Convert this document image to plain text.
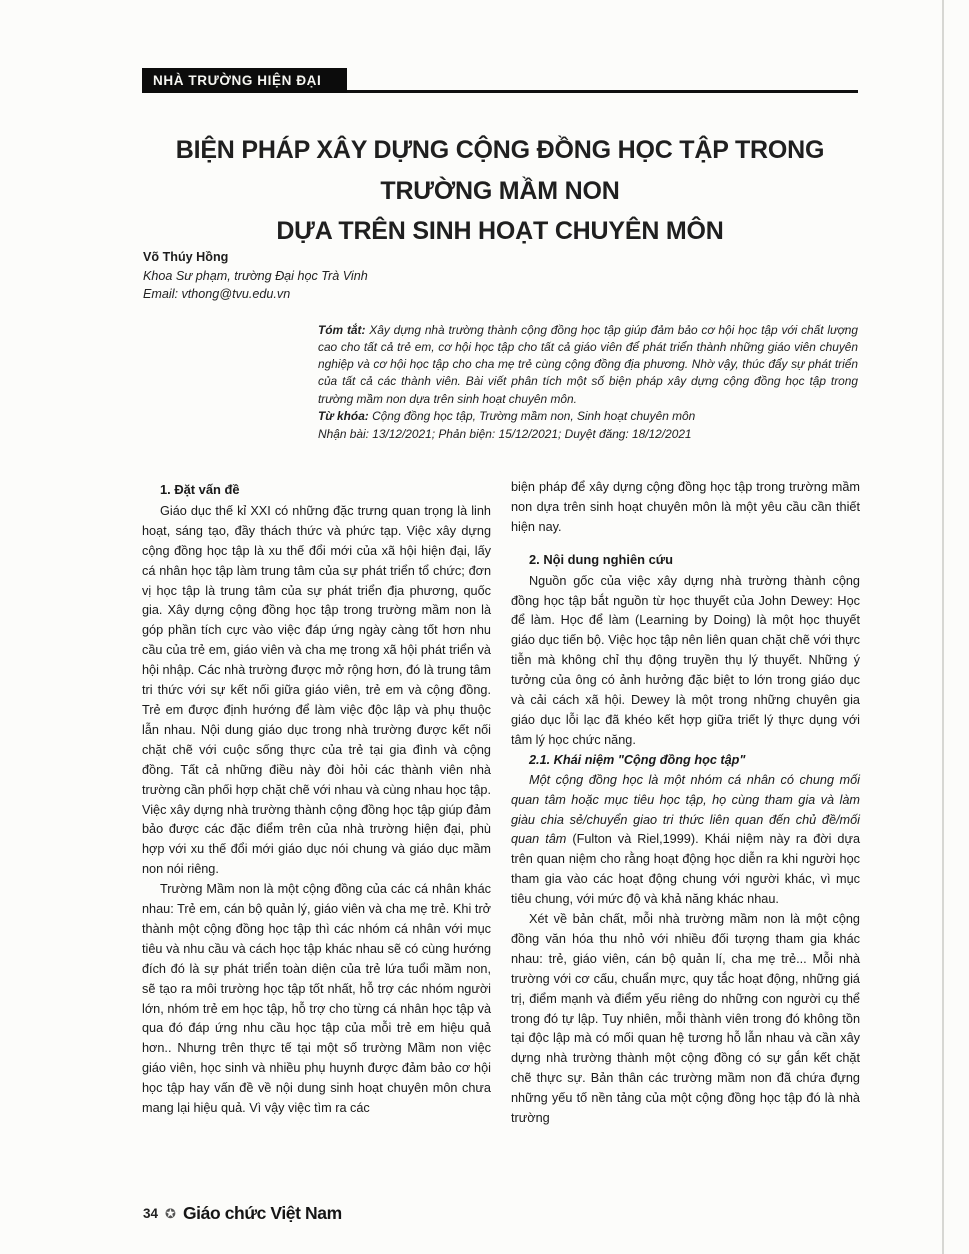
NHÀ TRƯỜNG HIỆN ĐẠI
BIỆN PHÁP XÂY DỰNG CỘNG ĐỒNG HỌC TẬP TRONG TRƯỜNG MẦM NON
DỰA TRÊN SINH HOẠT CHUYÊN MÔN
Võ Thúy Hồng
Khoa Sư phạm, trường Đại học Trà Vinh
Email: vthong@tvu.edu.vn

Tóm tắt: Xây dựng nhà trường thành cộng đồng học tập giúp đảm bảo cơ hội học tập với chất lượng cao cho tất cả trẻ em, cơ hội học tập cho tất cả giáo viên để phát triển thành những giáo viên chuyên nghiệp và cơ hội học tập cho cha mẹ trẻ cùng cộng đồng địa phương. Nhờ vậy, thúc đẩy sự phát triển của tất cả các thành viên. Bài viết phân tích một số biện pháp xây dựng cộng đồng học tập trong trường mầm non dựa trên sinh hoạt chuyên môn.

Từ khóa: Cộng đồng học tập, Trường mầm non, Sinh hoạt chuyên môn

Nhận bài: 13/12/2021; Phản biện: 15/12/2021; Duyệt đăng: 18/12/2021

1. Đặt vấn đề

Giáo dục thế kỉ XXI có những đặc trưng quan trọng là linh hoạt, sáng tạo, đầy thách thức và phức tạp. Việc xây dựng cộng đồng học tập là xu thế đổi mới của xã hội hiện đại, lấy cá nhân học tập làm trung tâm của sự phát triển tổ chức; đơn vị học tập là trung tâm của sự phát triển địa phương, quốc gia. Xây dựng cộng đồng học tập trong trường mầm non là góp phần tích cực vào việc đáp ứng ngày càng tốt hơn nhu cầu của trẻ em, giáo viên và cha mẹ trong xã hội phát triển và hội nhập. Các nhà trường được mở rộng hơn, đó là trung tâm tri thức với sự kết nối giữa giáo viên, trẻ em và cộng đồng. Trẻ em được định hướng để làm việc độc lập và phụ thuộc lẫn nhau. Nội dung giáo dục trong nhà trường được kết nối chặt chẽ với cuộc sống thực của trẻ tại gia đình và cộng đồng. Tất cả những điều này đòi hỏi các thành viên nhà trường cần phối hợp chặt chẽ với nhau và cùng nhau học tập. Việc xây dựng nhà trường thành cộng đồng học tập giúp đảm bảo được các đặc điểm trên của nhà trường hiện đại, phù hợp với xu thế đổi mới giáo dục nói chung và giáo dục mầm non nói riêng.

Trường Mầm non là một cộng đồng của các cá nhân khác nhau: Trẻ em, cán bộ quản lý, giáo viên và cha mẹ trẻ. Khi trở thành một cộng đồng học tập thì các nhóm cá nhân với mục tiêu và nhu cầu và cách học tập khác nhau sẽ có cùng hướng đích đó là sự phát triển toàn diện của trẻ lứa tuổi mầm non, sẽ tạo ra môi trường học tập tốt nhất, hỗ trợ các nhóm người lớn, nhóm trẻ em học tập, hỗ trợ cho từng cá nhân học tập và qua đó đáp ứng nhu cầu học tập của mỗi trẻ em hiệu quả hơn.. Nhưng trên thực tế tại một số trường Mầm non việc giáo viên, học sinh và nhiều phụ huynh được đảm bảo cơ hội học tập hay vấn đề về nội dung sinh hoạt chuyên môn chưa mang lại hiệu quả. Vì vậy việc tìm ra các

biện pháp để xây dựng cộng đồng học tập trong trường mầm non dựa trên sinh hoạt chuyên môn là một yêu cầu cần thiết hiện nay.

2. Nội dung nghiên cứu

Nguồn gốc của việc xây dựng nhà trường thành cộng đồng học tập bắt nguồn từ học thuyết của John Dewey: Học để làm. Học để làm (Learning by Doing) là một học thuyết giáo dục tiến bộ. Việc học tập nên liên quan chặt chẽ với thực tiễn mà không chỉ thụ động truyền thụ lý thuyết. Những ý tưởng của ông có ảnh hưởng đặc biệt to lớn trong giáo dục và cải cách xã hội. Dewey là một trong những chuyên gia giáo dục lỗi lạc đã khéo kết hợp giữa triết lý thực dụng với tâm lý học chức năng.

2.1. Khái niệm "Cộng đồng học tập"

Một cộng đồng học là một nhóm cá nhân có chung mối quan tâm hoặc mục tiêu học tập, họ cùng tham gia và làm giàu chia sẻ/chuyển giao tri thức liên quan đến chủ đề/mối quan tâm (Fulton và Riel,1999). Khái niệm này ra đời dựa trên quan niệm cho rằng hoạt động học diễn ra khi người học tham gia vào các hoạt động chung với người khác, vì mục tiêu chung, với mức độ và khả năng khác nhau.

Xét về bản chất, mỗi nhà trường mầm non là một cộng đồng văn hóa thu nhỏ với nhiều đối tượng tham gia khác nhau: trẻ, giáo viên, cán bộ quản lí, cha mẹ trẻ... Mỗi nhà trường với cơ cấu, chuẩn mực, quy tắc hoạt động, những giá trị, điểm mạnh và điểm yếu riêng do những con người cụ thể trong đó tự lập. Tuy nhiên, mỗi thành viên trong đó không tồn tại độc lập mà có mối quan hệ tương hỗ lẫn nhau và cần xây dựng nhà trường thành một cộng đồng có sự gắn kết chặt chẽ thực sự. Bản thân các trường mầm non đã chứa đựng những yếu tố nền tảng của một cộng đồng học tập đó là nhà trường

34 ✪ Giáo chức Việt Nam
